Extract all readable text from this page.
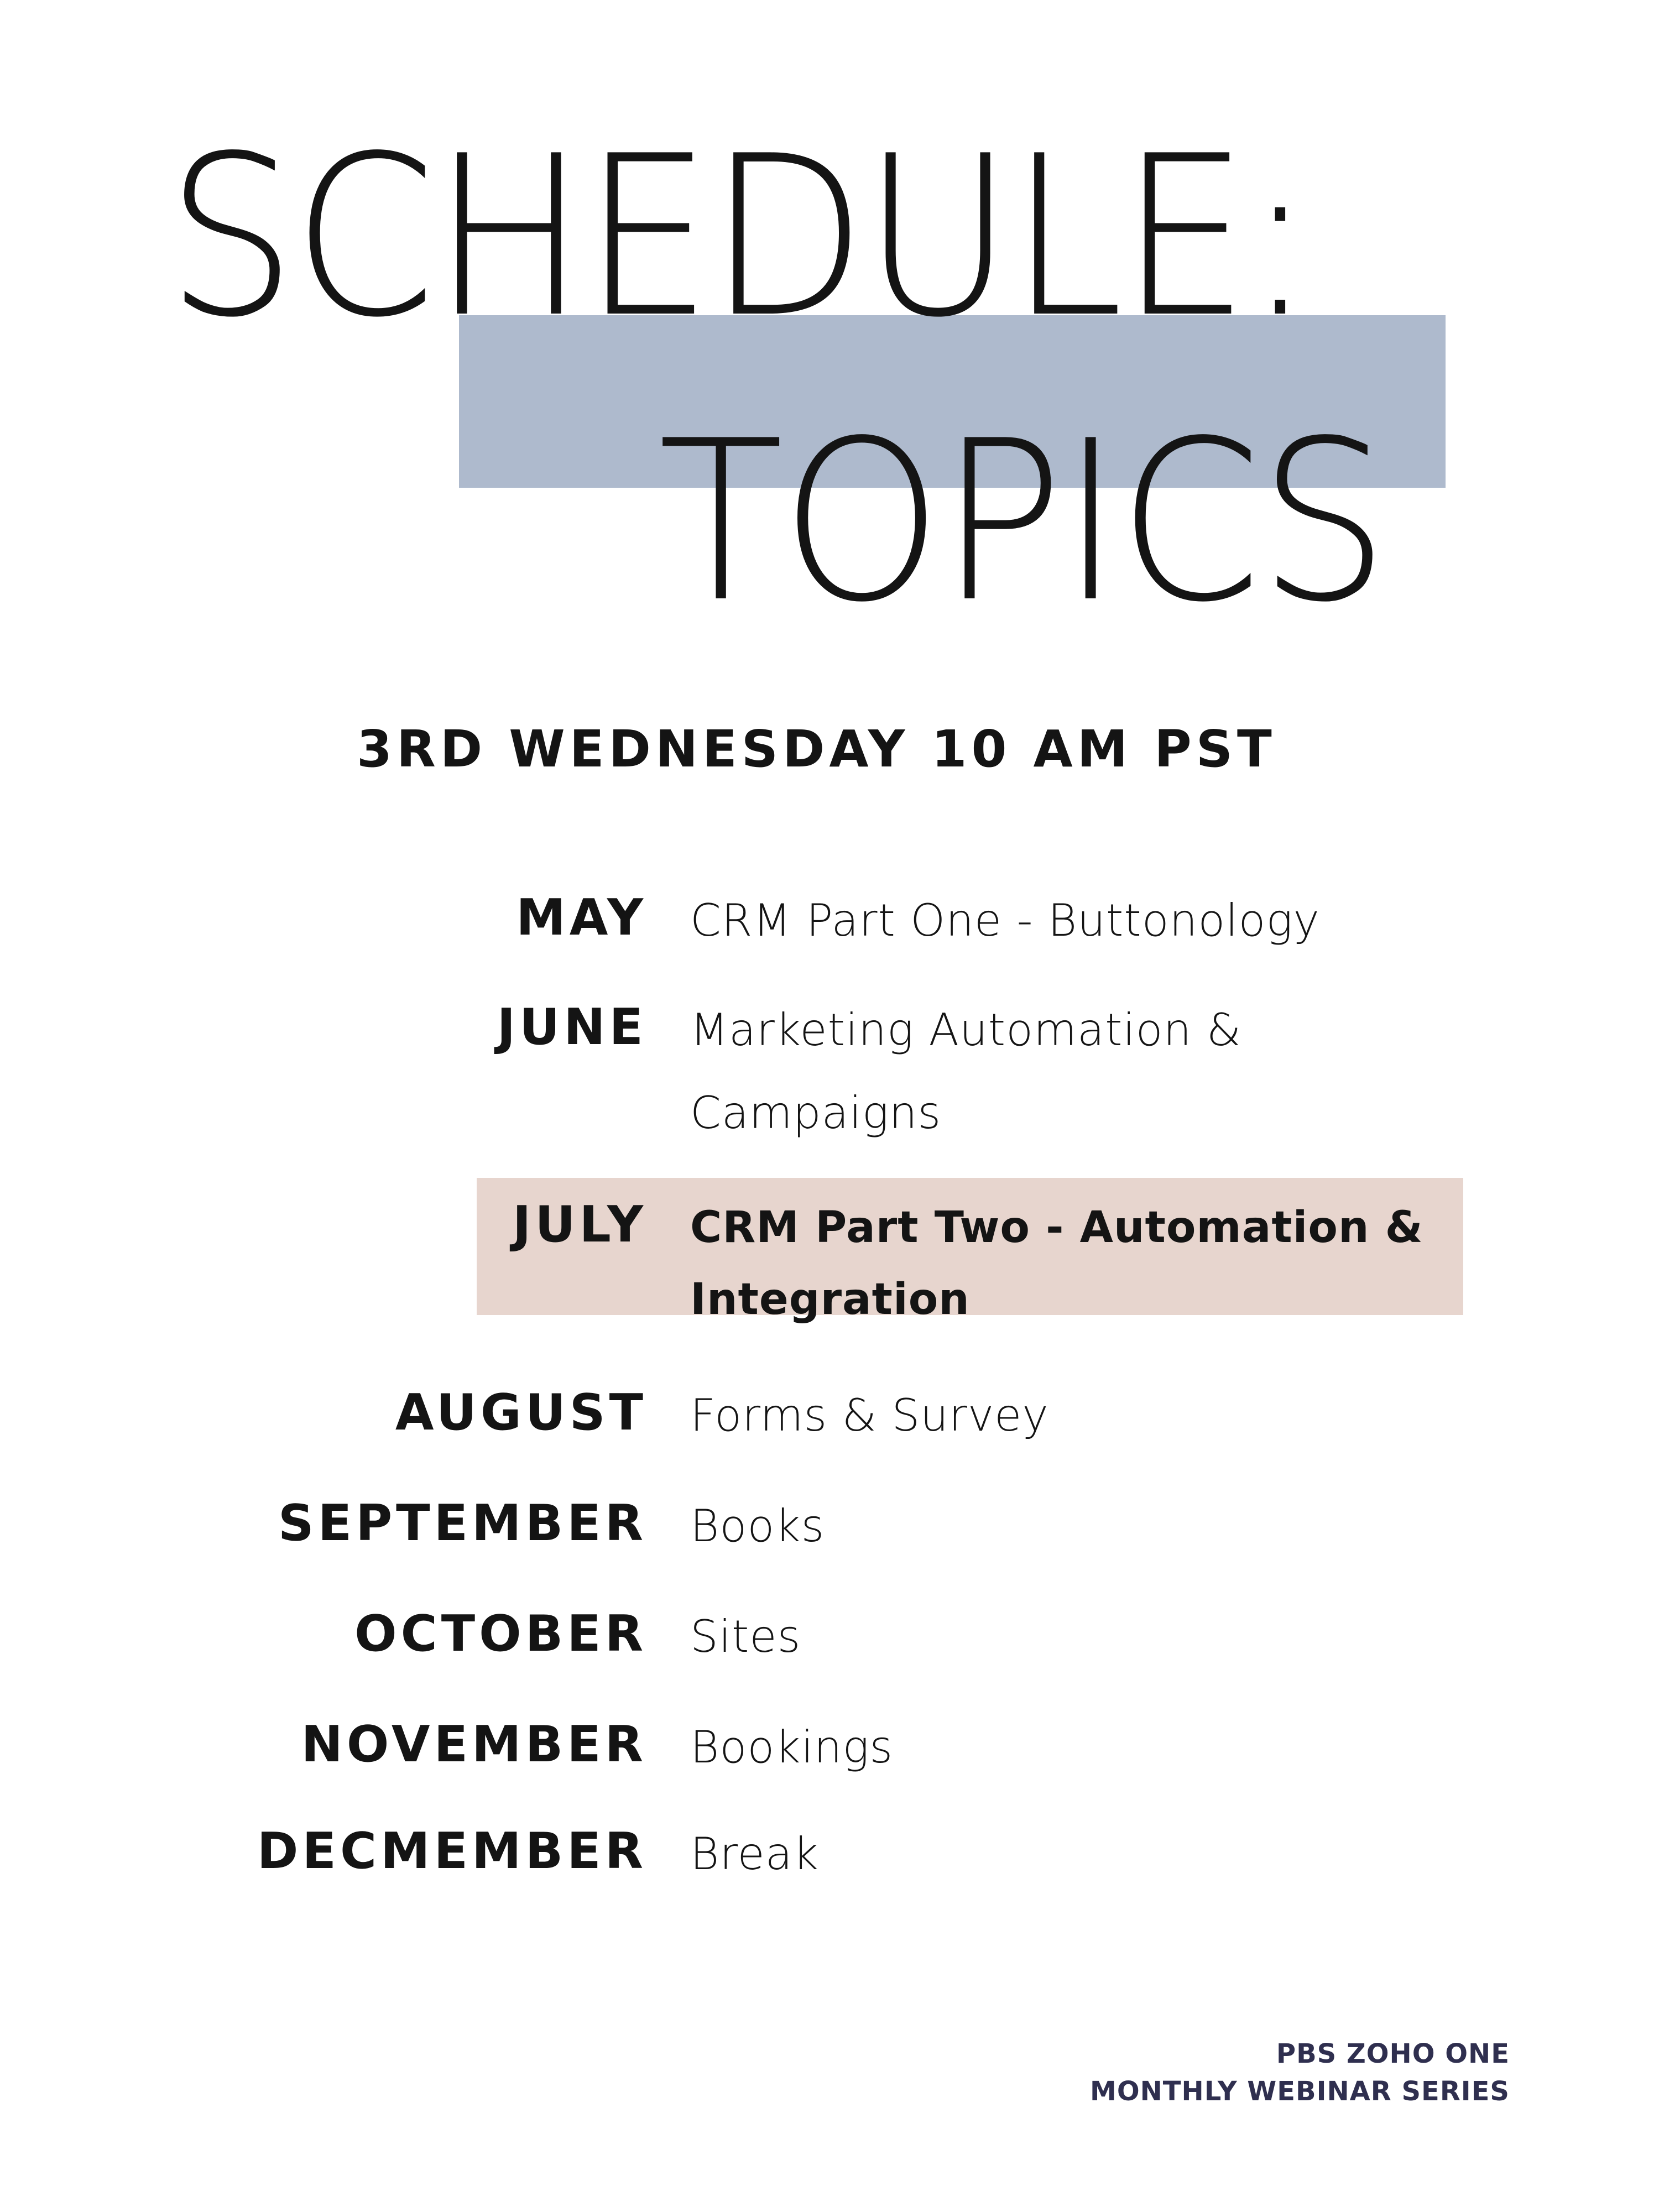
SCHEDULE:
TOPICS
3RD WEDNESDAY 10 AM PST
MAY CRM Part One - Buttonology
JUNE Marketing Automation & Campaigns
JULY CRM Part Two - Automation & Integration
AUGUST Forms & Survey
SEPTEMBER Books
OCTOBER Sites
NOVEMBER Bookings
DECMEMBER Break
PBS ZOHO ONE
MONTHLY WEBINAR SERIES
